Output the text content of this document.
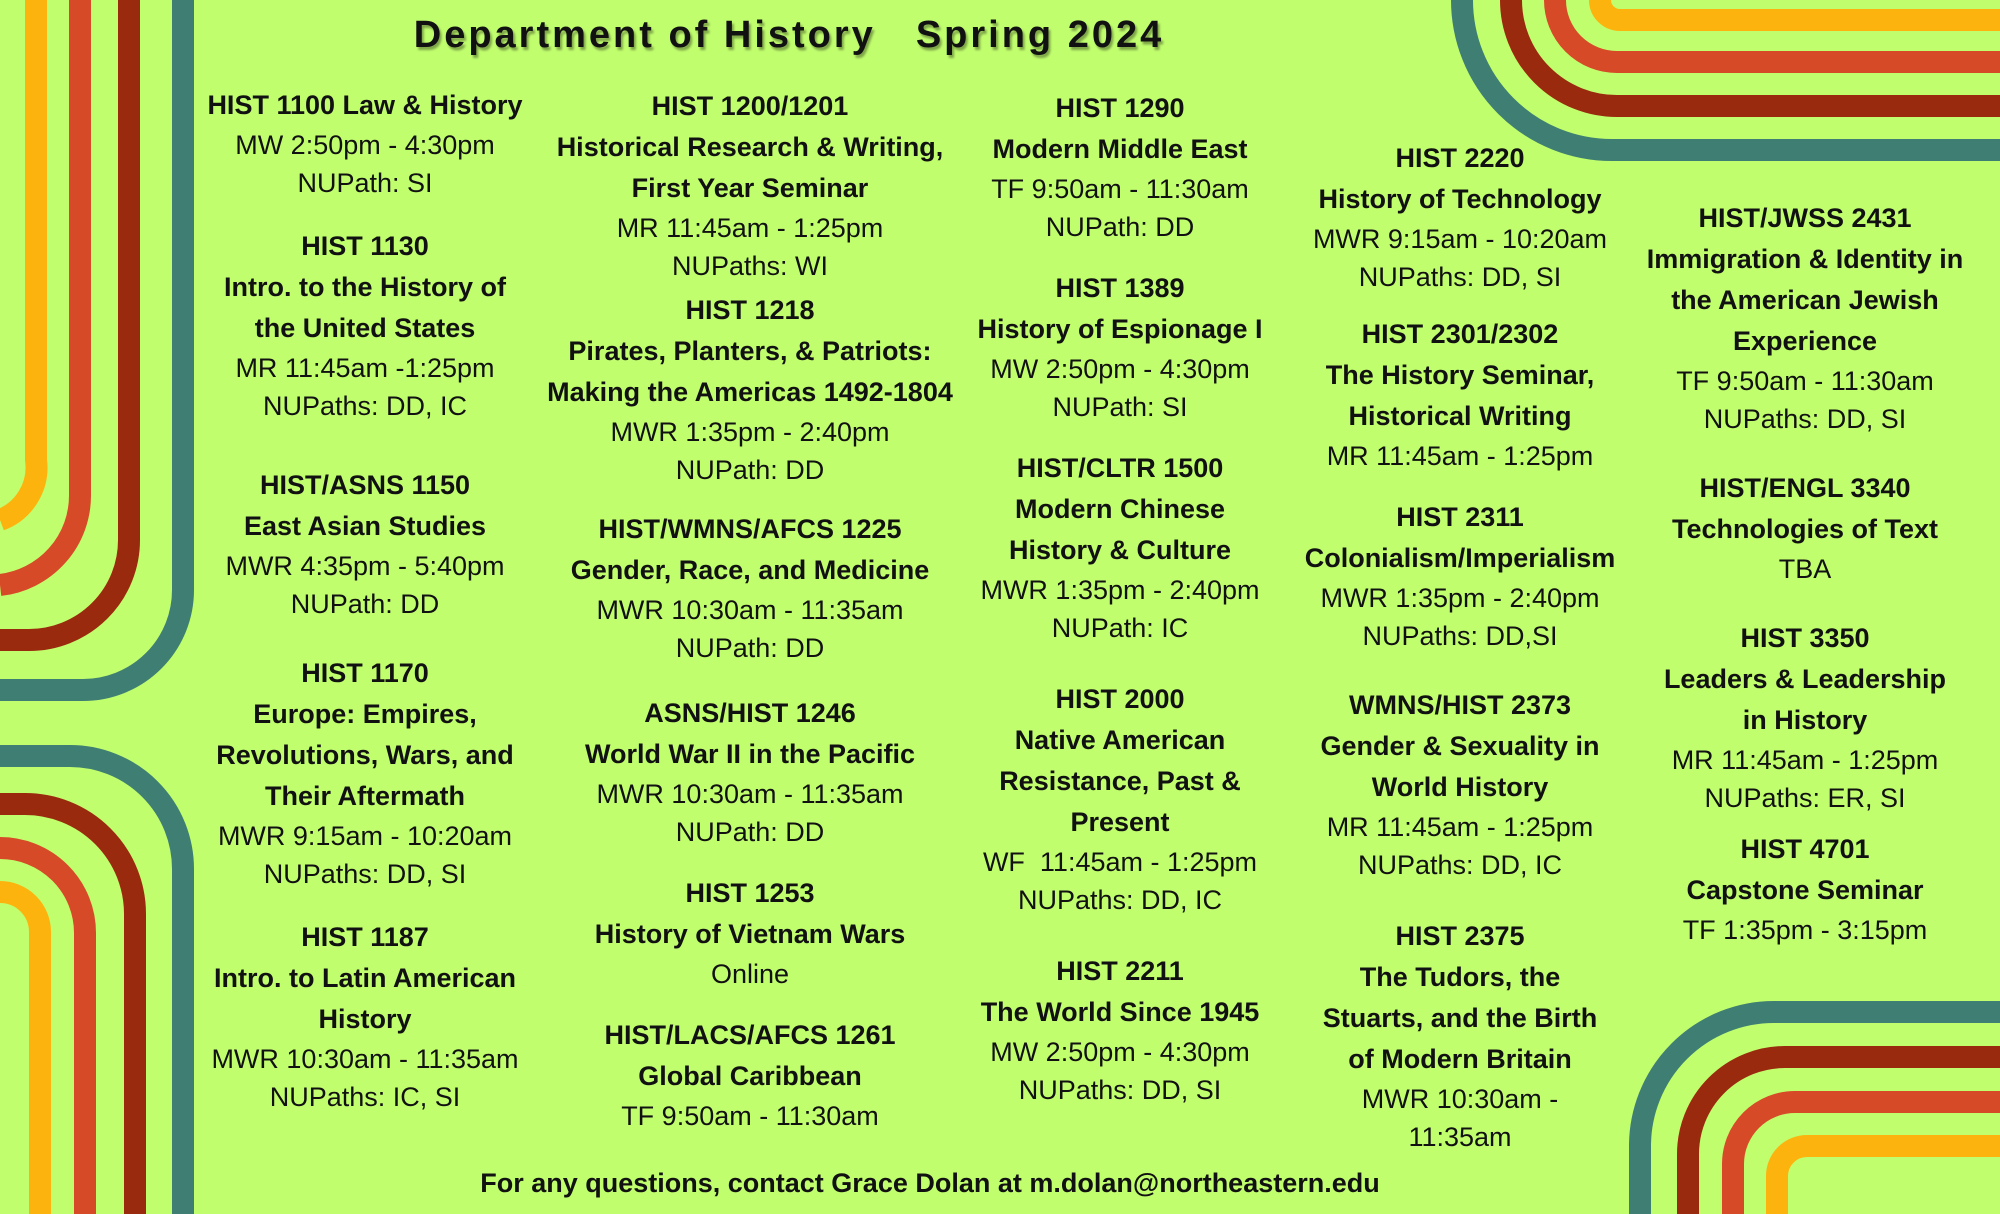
Department of History Spring 2024
HIST 1100 Law & History
MW 2:50pm - 4:30pm
NUPath: SI
HIST 1130
Intro. to the History of
the United States
MR 11:45am -1:25pm
NUPaths: DD, IC
HIST/ASNS 1150
East Asian Studies
MWR 4:35pm - 5:40pm
NUPath: DD
HIST 1170
Europe: Empires,
Revolutions, Wars, and
Their Aftermath
MWR 9:15am - 10:20am
NUPaths: DD, SI
HIST 1187
Intro. to Latin American
History
MWR 10:30am - 11:35am
NUPaths: IC, SI
HIST 1200/1201
Historical Research & Writing,
First Year Seminar
MR 11:45am - 1:25pm
NUPaths: WI
HIST 1218
Pirates, Planters, & Patriots:
Making the Americas 1492-1804
MWR 1:35pm - 2:40pm
NUPath: DD
HIST/WMNS/AFCS 1225
Gender, Race, and Medicine
MWR 10:30am - 11:35am
NUPath: DD
ASNS/HIST 1246
World War II in the Pacific
MWR 10:30am - 11:35am
NUPath: DD
HIST 1253
History of Vietnam Wars
Online
HIST/LACS/AFCS 1261
Global Caribbean
TF 9:50am - 11:30am
HIST 1290
Modern Middle East
TF 9:50am - 11:30am
NUPath: DD
HIST 1389
History of Espionage I
MW 2:50pm - 4:30pm
NUPath: SI
HIST/CLTR 1500
Modern Chinese
History & Culture
MWR 1:35pm - 2:40pm
NUPath: IC
HIST 2000
Native American
Resistance, Past &
Present
WF  11:45am - 1:25pm
NUPaths: DD, IC
HIST 2211
The World Since 1945
MW 2:50pm - 4:30pm
NUPaths: DD, SI
HIST 2220
History of Technology
MWR 9:15am - 10:20am
NUPaths: DD, SI
HIST 2301/2302
The History Seminar,
Historical Writing
MR 11:45am - 1:25pm
HIST 2311
Colonialism/Imperialism
MWR 1:35pm - 2:40pm
NUPaths: DD,SI
WMNS/HIST 2373
Gender & Sexuality in
World History
MR 11:45am - 1:25pm
NUPaths: DD, IC
HIST 2375
The Tudors, the
Stuarts, and the Birth
of Modern Britain
MWR 10:30am -
11:35am
HIST/JWSS 2431
Immigration & Identity in
the American Jewish
Experience
TF 9:50am - 11:30am
NUPaths: DD, SI
HIST/ENGL 3340
Technologies of Text
TBA
HIST 3350
Leaders & Leadership
in History
MR 11:45am - 1:25pm
NUPaths: ER, SI
HIST 4701
Capstone Seminar
TF 1:35pm - 3:15pm
For any questions, contact Grace Dolan at m.dolan@northeastern.edu
